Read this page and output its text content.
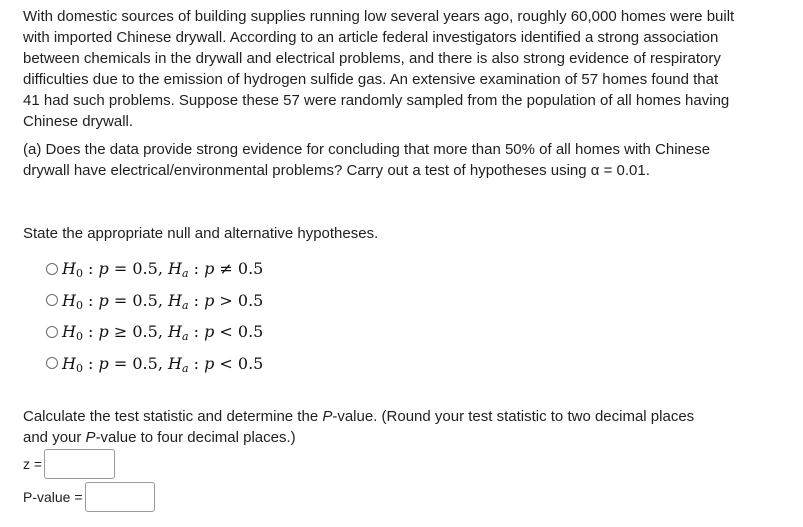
With domestic sources of building supplies running low several years ago, roughly 60,000 homes were built with imported Chinese drywall. According to an article federal investigators identified a strong association between chemicals in the drywall and electrical problems, and there is also strong evidence of respiratory difficulties due to the emission of hydrogen sulfide gas. An extensive examination of 57 homes found that 41 had such problems. Suppose these 57 were randomly sampled from the population of all homes having Chinese drywall.

(a) Does the data provide strong evidence for concluding that more than 50% of all homes with Chinese drywall have electrical/environmental problems? Carry out a test of hypotheses using α = 0.01.

State the appropriate null and alternative hypotheses.

$H_0$ : p = 0.5, $H_a$ : p ≠ 0.5
$H_0$ : p = 0.5, $H_a$ : p > 0.5
$H_0$ : p ≥ 0.5, $H_a$ : p < 0.5
$H_0$ : p = 0.5, $H_a$ : p < 0.5

Calculate the test statistic and determine the P-value. (Round your test statistic to two decimal places and your P-value to four decimal places.)

z =
P-value =
